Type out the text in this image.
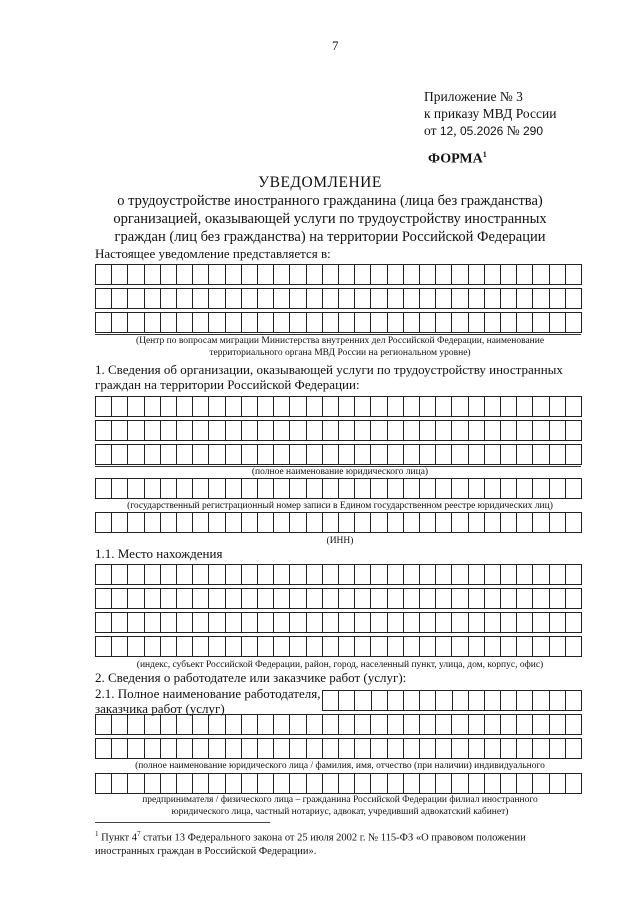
7
Приложение № 3
к приказу МВД России
от 12, 05.2026 № 290
ФОРМА$^1$
УВЕДОМЛЕНИЕ
о трудоустройстве иностранного гражданина (лица без гражданства)
организацией, оказывающей услуги по трудоустройству иностранных
граждан (лиц без гражданства) на территории Российской Федерации
Настоящее уведомление представляется в:
(Центр по вопросам миграции Министерства внутренних дел Российской Федерации, наименование
территориального органа МВД России на региональном уровне)
1. Сведения об организации, оказывающей услуги по трудоустройству иностранных
граждан на территории Российской Федерации:
(полное наименование юридического лица)
(государственный регистрационный номер записи в Едином государственном реестре юридических лиц)
(ИНН)
1.1. Место нахождения
(индекс, субъект Российской Федерации, район, город, населенный пункт, улица, дом, корпус, офис)
2. Сведения о работодателе или заказчике работ (услуг):
2.1. Полное наименование работодателя,
заказчика работ (услуг)
(полное наименование юридического лица / фамилия, имя, отчество (при наличии) индивидуального
предпринимателя / физического лица – гражданина Российской Федерации филиал иностранного
юридического лица, частный нотариус, адвокат, учредивший адвокатский кабинет)
$^1$ Пункт $4^7$ статьи 13 Федерального закона от 25 июля 2002 г. № 115-ФЗ «О правовом положении
иностранных граждан в Российской Федерации».
